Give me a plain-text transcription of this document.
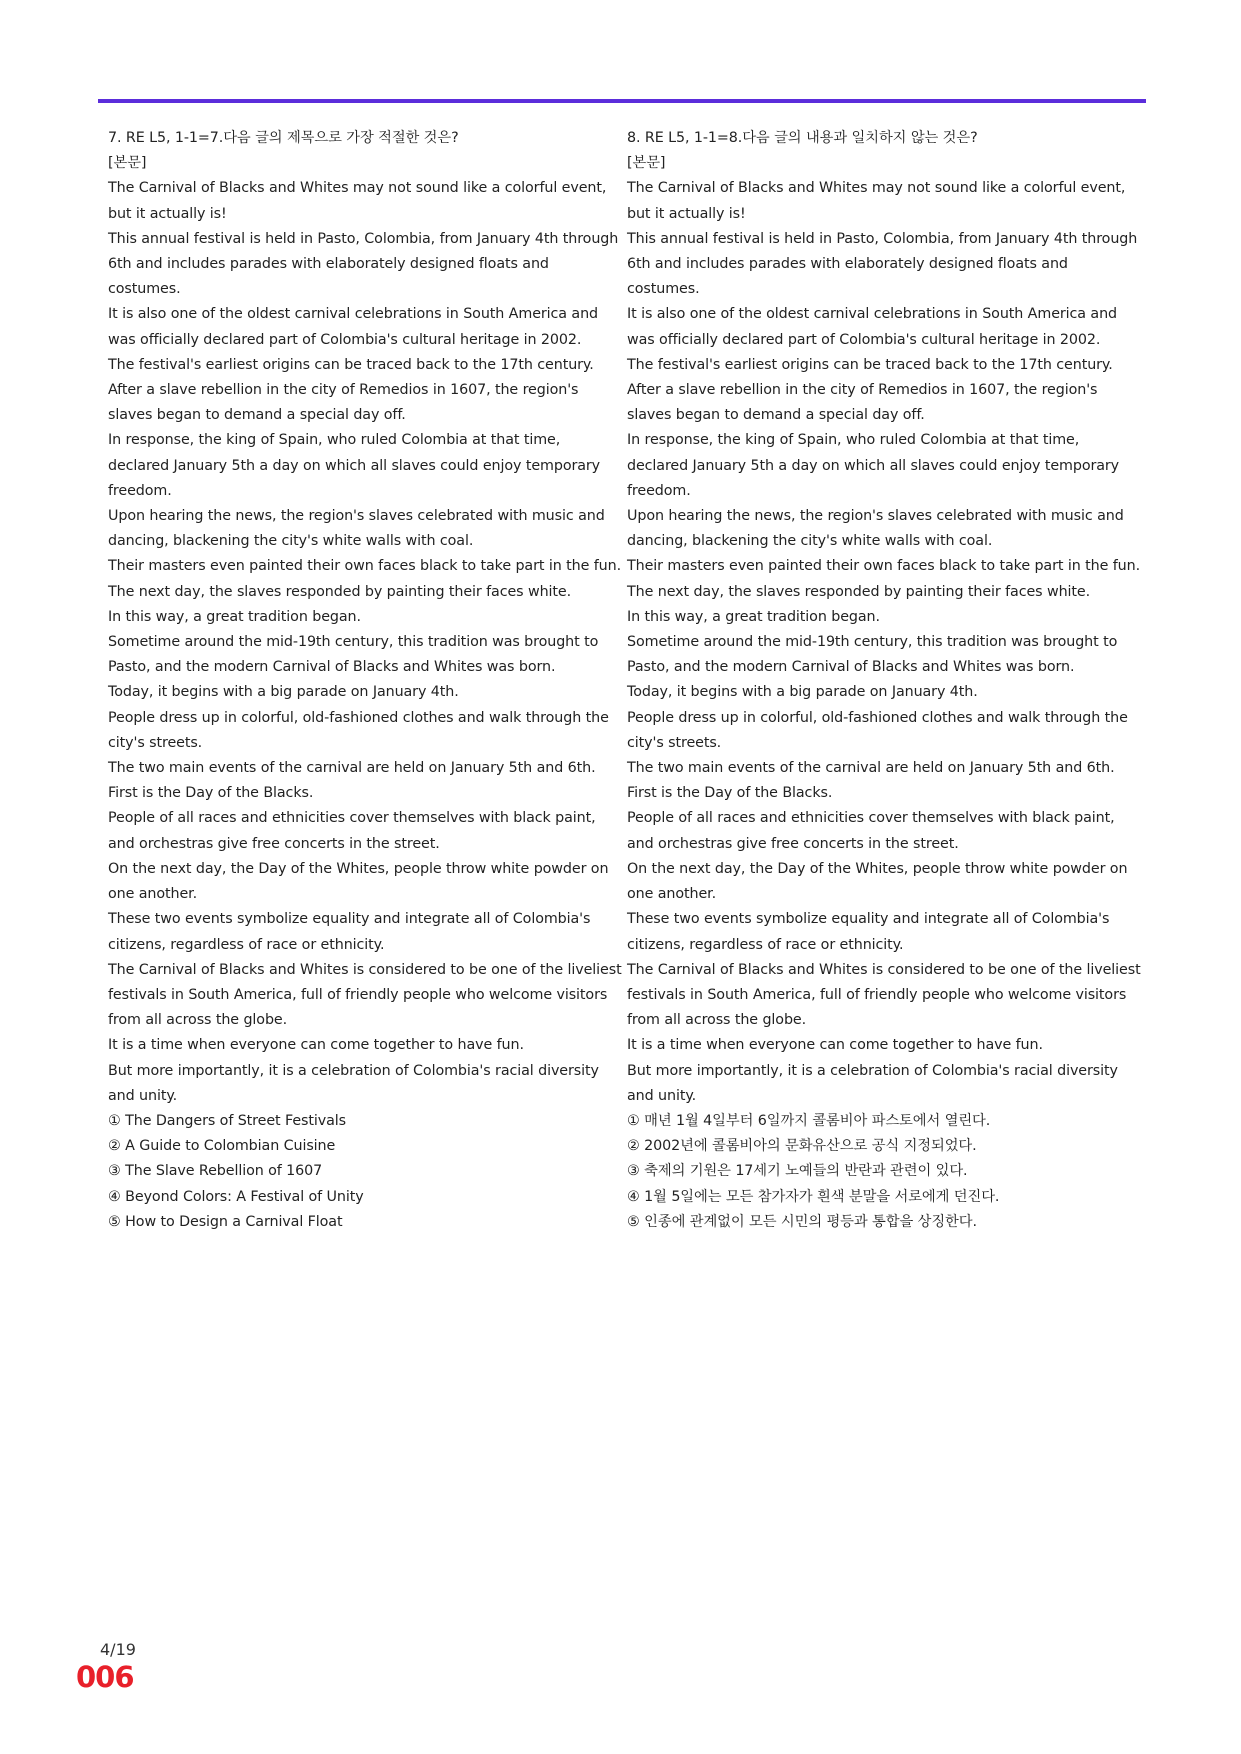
7. RE L5, 1-1=7.다음 글의 제목으로 가장 적절한 것은?

[본문]

The Carnival of Blacks and Whites may not sound like a colorful event, but it actually is!

This annual festival is held in Pasto, Colombia, from January 4th through 6th and includes parades with elaborately designed floats and costumes.

It is also one of the oldest carnival celebrations in South America and was officially declared part of Colombia's cultural heritage in 2002.

The festival's earliest origins can be traced back to the 17th century.

After a slave rebellion in the city of Remedios in 1607, the region's slaves began to demand a special day off.

In response, the king of Spain, who ruled Colombia at that time, declared January 5th a day on which all slaves could enjoy temporary freedom.

Upon hearing the news, the region's slaves celebrated with music and dancing, blackening the city's white walls with coal.

Their masters even painted their own faces black to take part in the fun.

The next day, the slaves responded by painting their faces white.

In this way, a great tradition began.

Sometime around the mid-19th century, this tradition was brought to Pasto, and the modern Carnival of Blacks and Whites was born.

Today, it begins with a big parade on January 4th.

People dress up in colorful, old-fashioned clothes and walk through the city's streets.

The two main events of the carnival are held on January 5th and 6th.

First is the Day of the Blacks.

People of all races and ethnicities cover themselves with black paint, and orchestras give free concerts in the street.

On the next day, the Day of the Whites, people throw white powder on one another.

These two events symbolize equality and integrate all of Colombia's citizens, regardless of race or ethnicity.

The Carnival of Blacks and Whites is considered to be one of the liveliest festivals in South America, full of friendly people who welcome visitors from all across the globe.

It is a time when everyone can come together to have fun.

But more importantly, it is a celebration of Colombia's racial diversity and unity.

① The Dangers of Street Festivals
② A Guide to Colombian Cuisine
③ The Slave Rebellion of 1607
④ Beyond Colors: A Festival of Unity
⑤ How to Design a Carnival Float

8. RE L5, 1-1=8.다음 글의 내용과 일치하지 않는 것은?

[본문]

The Carnival of Blacks and Whites may not sound like a colorful event, but it actually is!

This annual festival is held in Pasto, Colombia, from January 4th through 6th and includes parades with elaborately designed floats and costumes.

It is also one of the oldest carnival celebrations in South America and was officially declared part of Colombia's cultural heritage in 2002.

The festival's earliest origins can be traced back to the 17th century.

After a slave rebellion in the city of Remedios in 1607, the region's slaves began to demand a special day off.

In response, the king of Spain, who ruled Colombia at that time, declared January 5th a day on which all slaves could enjoy temporary freedom.

Upon hearing the news, the region's slaves celebrated with music and dancing, blackening the city's white walls with coal.

Their masters even painted their own faces black to take part in the fun.

The next day, the slaves responded by painting their faces white.

In this way, a great tradition began.

Sometime around the mid-19th century, this tradition was brought to Pasto, and the modern Carnival of Blacks and Whites was born.

Today, it begins with a big parade on January 4th.

People dress up in colorful, old-fashioned clothes and walk through the city's streets.

The two main events of the carnival are held on January 5th and 6th.

First is the Day of the Blacks.

People of all races and ethnicities cover themselves with black paint, and orchestras give free concerts in the street.

On the next day, the Day of the Whites, people throw white powder on one another.

These two events symbolize equality and integrate all of Colombia's citizens, regardless of race or ethnicity.

The Carnival of Blacks and Whites is considered to be one of the liveliest festivals in South America, full of friendly people who welcome visitors from all across the globe.

It is a time when everyone can come together to have fun.

But more importantly, it is a celebration of Colombia's racial diversity and unity.

① 매년 1월 4일부터 6일까지 콜롬비아 파스토에서 열린다.
② 2002년에 콜롬비아의 문화유산으로 공식 지정되었다.
③ 축제의 기원은 17세기 노예들의 반란과 관련이 있다.
④ 1월 5일에는 모든 참가자가 흰색 분말을 서로에게 던진다.
⑤ 인종에 관계없이 모든 시민의 평등과 통합을 상징한다.
4/19
006
